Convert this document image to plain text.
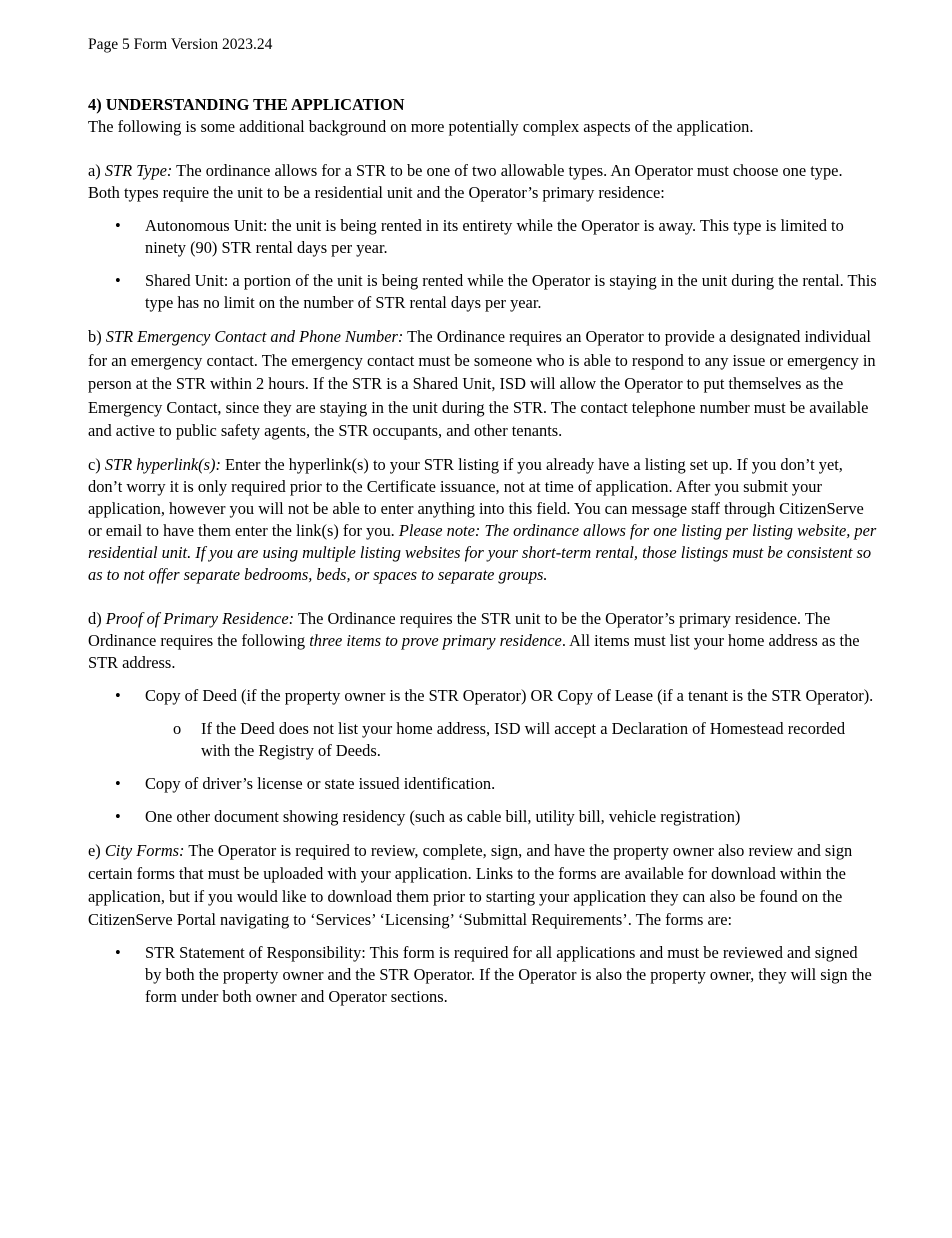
Page 5 Form Version 2023.24
4) UNDERSTANDING THE APPLICATION

The following is some additional background on more potentially complex aspects of the application.

a) STR Type: The ordinance allows for a STR to be one of two allowable types. An Operator must choose one type. Both types require the unit to be a residential unit and the Operator’s primary residence:

• Autonomous Unit: the unit is being rented in its entirety while the Operator is away. This type is limited to ninety (90) STR rental days per year.

• Shared Unit: a portion of the unit is being rented while the Operator is staying in the unit during the rental. This type has no limit on the number of STR rental days per year.

b) STR Emergency Contact and Phone Number: The Ordinance requires an Operator to provide a designated individual for an emergency contact. The emergency contact must be someone who is able to respond to any issue or emergency in person at the STR within 2 hours. If the STR is a Shared Unit, ISD will allow the Operator to put themselves as the Emergency Contact, since they are staying in the unit during the STR. The contact telephone number must be available and active to public safety agents, the STR occupants, and other tenants.

c) STR hyperlink(s): Enter the hyperlink(s) to your STR listing if you already have a listing set up. If you don’t yet, don’t worry it is only required prior to the Certificate issuance, not at time of application. After you submit your application, however you will not be able to enter anything into this field. You can message staff through CitizenServe or email to have them enter the link(s) for you. Please note: The ordinance allows for one listing per listing website, per residential unit. If you are using multiple listing websites for your short-term rental, those listings must be consistent so as to not offer separate bedrooms, beds, or spaces to separate groups.

d) Proof of Primary Residence: The Ordinance requires the STR unit to be the Operator’s primary residence. The Ordinance requires the following three items to prove primary residence. All items must list your home address as the STR address.

• Copy of Deed (if the property owner is the STR Operator) OR Copy of Lease (if a tenant is the STR Operator).

o If the Deed does not list your home address, ISD will accept a Declaration of Homestead recorded with the Registry of Deeds.

• Copy of driver’s license or state issued identification.

• One other document showing residency (such as cable bill, utility bill, vehicle registration)

e) City Forms: The Operator is required to review, complete, sign, and have the property owner also review and sign certain forms that must be uploaded with your application. Links to the forms are available for download within the application, but if you would like to download them prior to starting your application they can also be found on the CitizenServe Portal navigating to ‘Services’ ‘Licensing’ ‘Submittal Requirements’. The forms are:

• STR Statement of Responsibility: This form is required for all applications and must be reviewed and signed by both the property owner and the STR Operator. If the Operator is also the property owner, they will sign the form under both owner and Operator sections.
